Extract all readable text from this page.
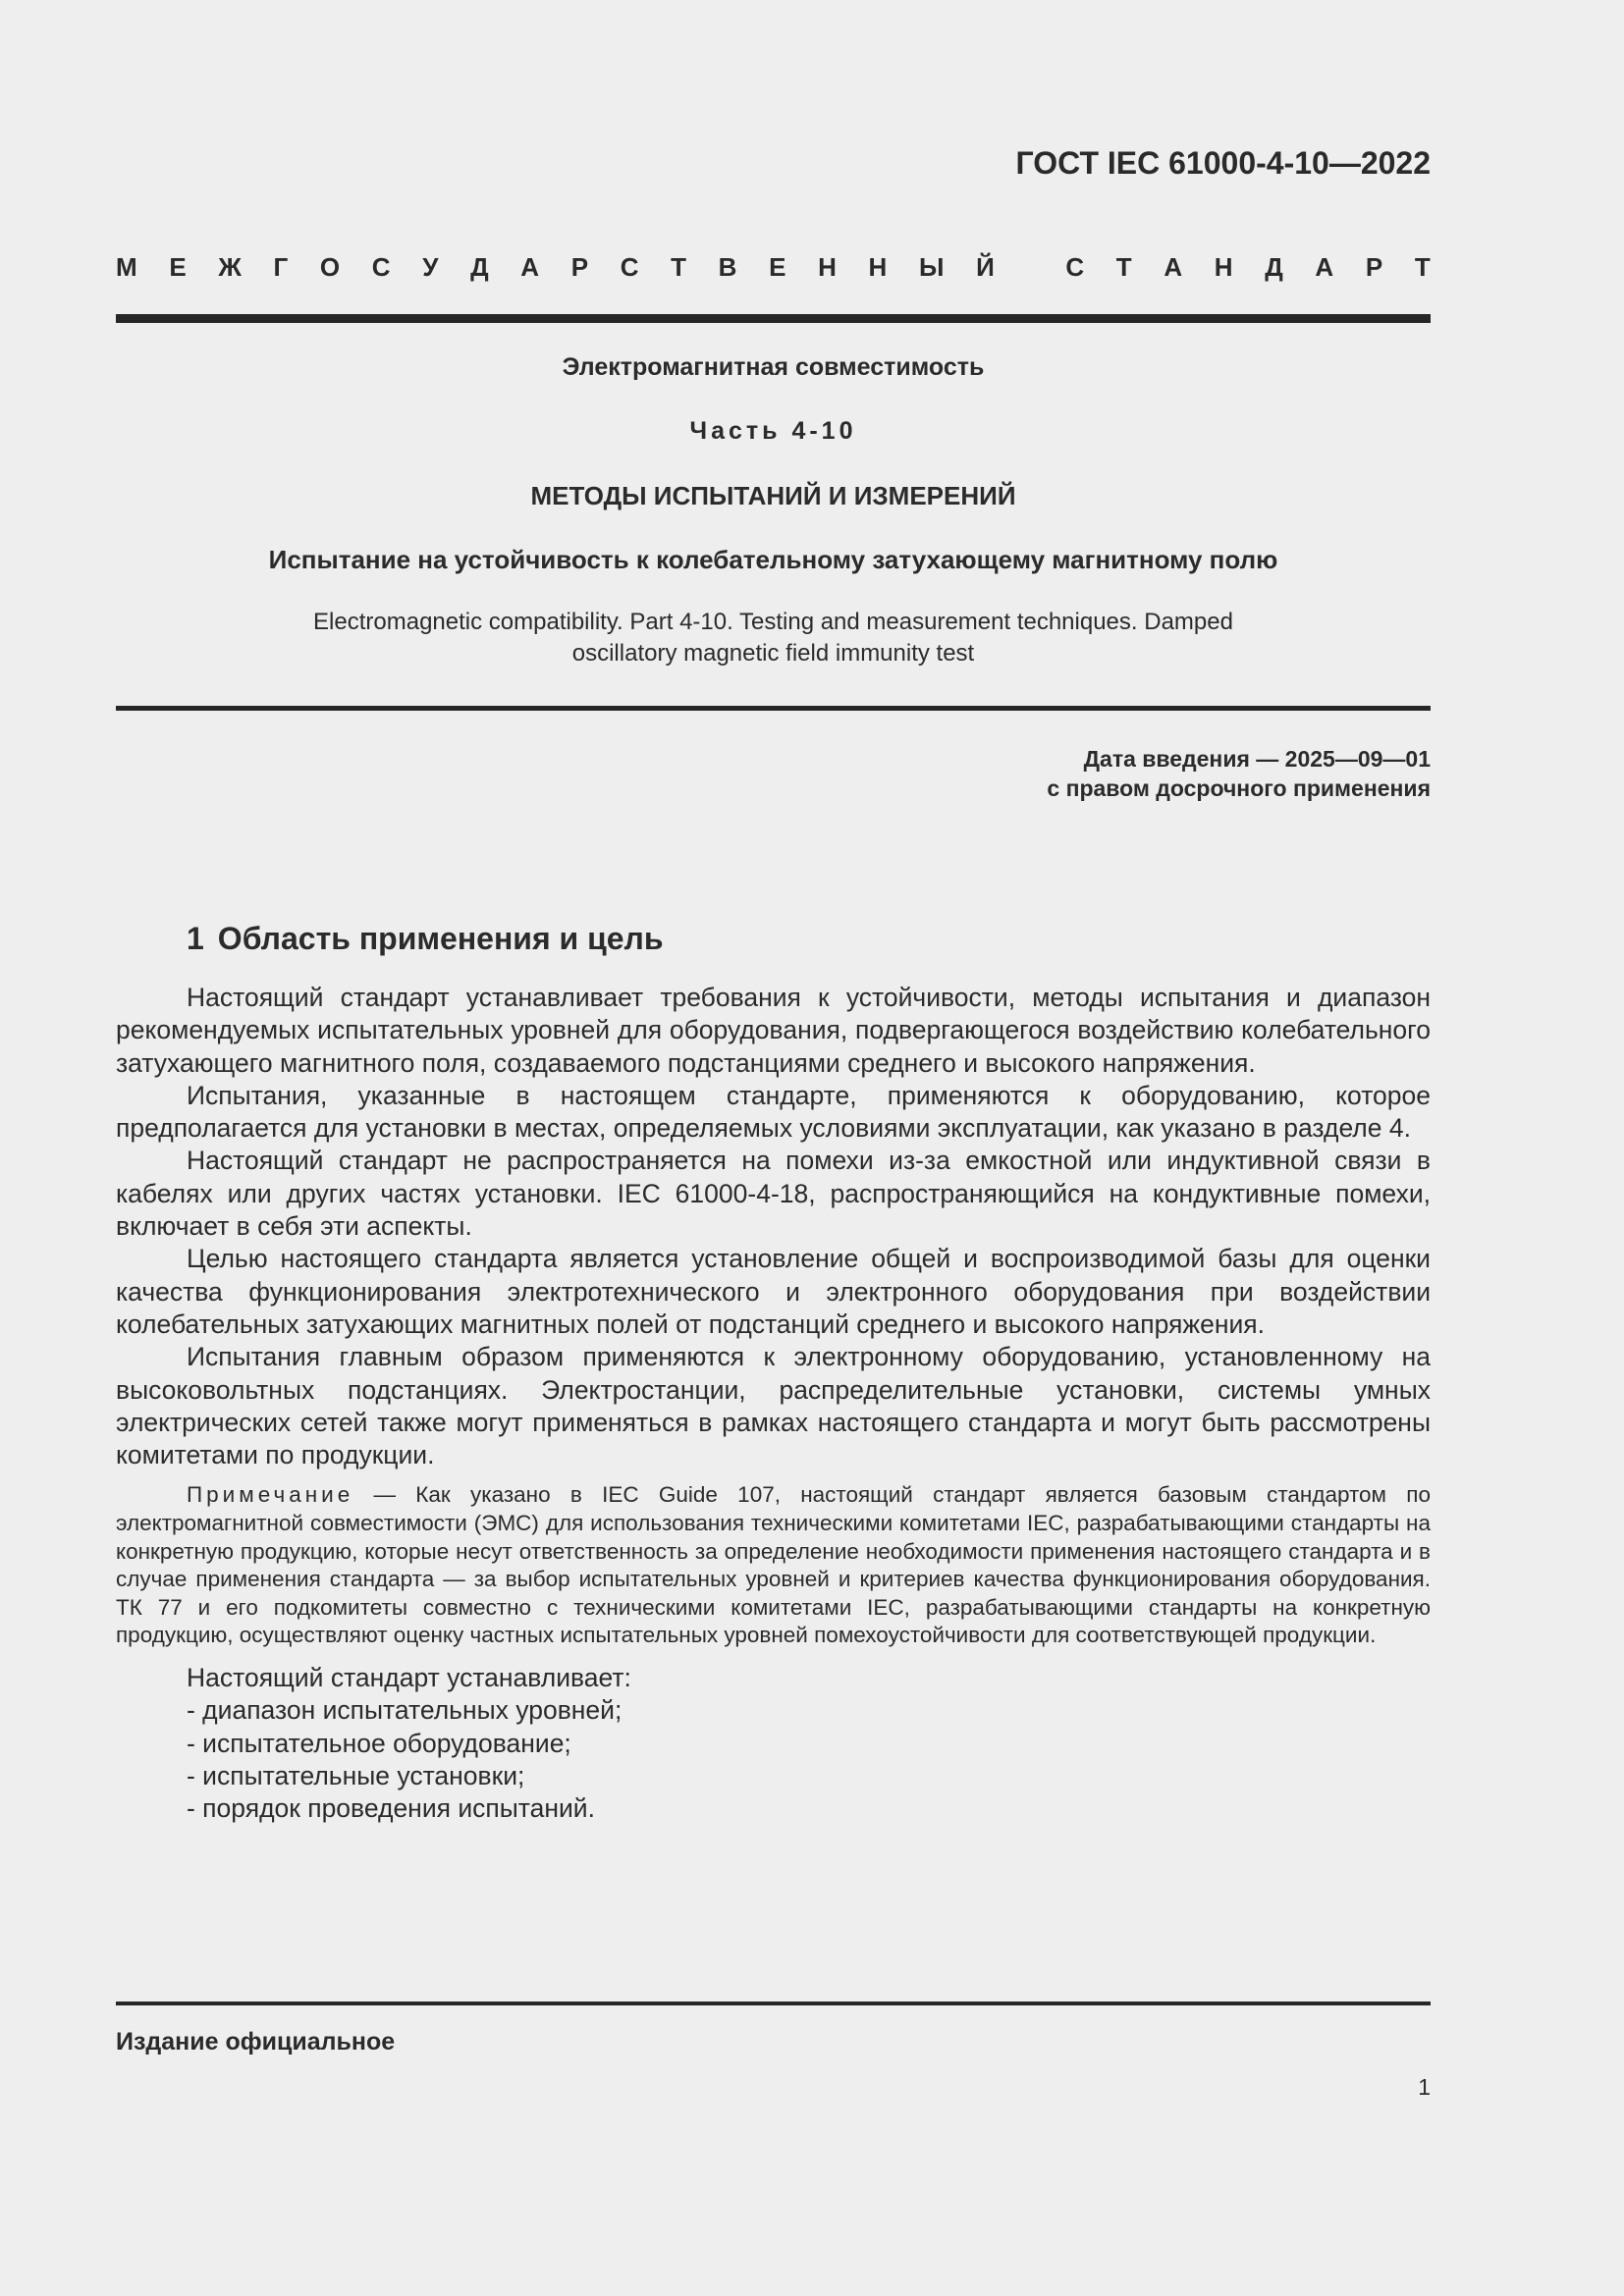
ГОСТ IEC 61000-4-10—2022
М Е Ж Г О С У Д А Р С Т В Е Н Н Ы Й
	С Т А Н Д А Р Т
Электромагнитная совместимость
Часть 4-10
МЕТОДЫ ИСПЫТАНИЙ И ИЗМЕРЕНИЙ
Испытание на устойчивость к колебательному затухающему магнитному полю
Electromagnetic compatibility. Part 4-10. Testing and measurement techniques. Damped oscillatory magnetic field immunity test
Дата введения — 2025—09—01
с правом досрочного применения
1 Область применения и цель

Настоящий стандарт устанавливает требования к устойчивости, методы испытания и диапазон рекомендуемых испытательных уровней для оборудования, подвергающегося воздействию колебательного затухающего магнитного поля, создаваемого подстанциями среднего и высокого напряжения.

Испытания, указанные в настоящем стандарте, применяются к оборудованию, которое предполагается для установки в местах, определяемых условиями эксплуатации, как указано в разделе 4.

Настоящий стандарт не распространяется на помехи из-за емкостной или индуктивной связи в кабелях или других частях установки. IEC 61000-4-18, распространяющийся на кондуктивные помехи, включает в себя эти аспекты.

Целью настоящего стандарта является установление общей и воспроизводимой базы для оценки качества функционирования электротехнического и электронного оборудования при воздействии колебательных затухающих магнитных полей от подстанций среднего и высокого напряжения.

Испытания главным образом применяются к электронному оборудованию, установленному на высоковольтных подстанциях. Электростанции, распределительные установки, системы умных электрических сетей также могут применяться в рамках настоящего стандарта и могут быть рассмотрены комитетами по продукции.

Примечание — Как указано в IEC Guide 107, настоящий стандарт является базовым стандартом по электромагнитной совместимости (ЭМС) для использования техническими комитетами IEC, разрабатывающими стандарты на конкретную продукцию, которые несут ответственность за определение необходимости применения настоящего стандарта и в случае применения стандарта — за выбор испытательных уровней и критериев качества функционирования оборудования. ТК 77 и его подкомитеты совместно с техническими комитетами IEC, разрабатывающими стандарты на конкретную продукцию, осуществляют оценку частных испытательных уровней помехоустойчивости для соответствующей продукции.

Настоящий стандарт устанавливает:
- диапазон испытательных уровней;
- испытательное оборудование;
- испытательные установки;
- порядок проведения испытаний.
Издание официальное
1
